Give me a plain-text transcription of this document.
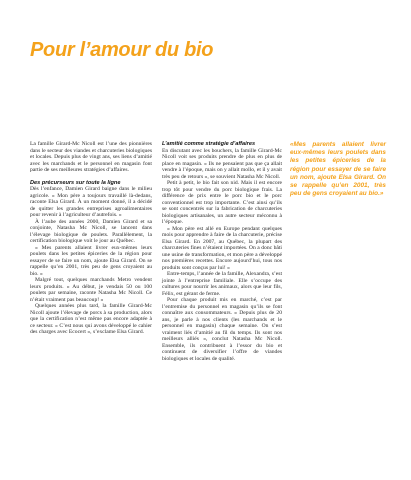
Pour l’amour du bio

La famille Girard-Mc Nicoll est l’une des pionnières dans le secteur des viandes et charcuteries biologiques et locales. Depuis plus de vingt ans, ses liens d’amitié avec les marchands et le personnel en magasin font partie de ses meilleures stratégies d’affaires.

Des précurseurs sur toute la ligne

Dès l’enfance, Damien Girard baigne dans le milieu agricole. « Mon père a toujours travaillé là-dedans, raconte Elsa Girard. À un moment donné, il a décidé de quitter les grandes entreprises agroalimentaires pour revenir à l’agriculteur d’autrefois. »

À l’aube des années 2000, Damien Girard et sa conjointe, Natasha Mc Nicoll, se lancent dans l’élevage biologique de poulets. Parallèlement, la certification biologique voit le jour au Québec.

« Mes parents allaient livrer eux-mêmes leurs poulets dans les petites épiceries de la région pour essayer de se faire un nom, ajoute Elsa Girard. On se rappelle qu’en 2001, très peu de gens croyaient au bio. »

Malgré tout, quelques marchands Metro vendent leurs produits. « Au début, je vendais 50 ou 100 poulets par semaine, raconte Natasha Mc Nicoll. Ce n’était vraiment pas beaucoup! »

Quelques années plus tard, la famille Girard-Mc Nicoll ajoute l’élevage de porcs à sa production, alors que la certification n’est même pas encore adaptée à ce secteur. « C’est nous qui avons développé le cahier des charges avec Ecocert », s’exclame Elsa Girard.

L’amitié comme stratégie d’affaires

En discutant avec les bouchers, la famille Girard-Mc Nicoll voit ses produits prendre de plus en plus de place en magasin. « Ils ne pensaient pas que ça allait vendre à l’époque, mais on y allait mollo, et il y avait très peu de retours », se souvient Natasha Mc Nicoll.

Petit à petit, le bio fait son nid. Mais il est encore trop tôt pour vendre du porc biologique frais. La différence de prix entre le porc bio et le porc conventionnel est trop importante. C’est ainsi qu’ils se sont concentrés sur la fabrication de charcuteries biologiques artisanales, un autre secteur méconnu à l’époque.

« Mon père est allé en Europe pendant quelques mois pour apprendre à faire de la charcuterie, précise Elsa Girard. En 2007, au Québec, la plupart des charcuteries fines n’étaient importées. On a donc bâti une usine de transformation, et mon père a développé nos premières recettes. Encore aujourd’hui, tous nos produits sont conçus par lui! »

Entre-temps, l’année de la famille, Alexandra, s’est jointe à l’entreprise familiale. Elle s’occupe des cultures pour nourrir les animaux, alors que leur fils, Félix, est gérant de ferme.

Pour chaque produit mis en marché, c’est par l’entremise du personnel en magasin qu’ils se font connaître aux consommateurs. « Depuis plus de 20 ans, je parle à nos clients (les marchands et le personnel en magasin) chaque semaine. On s’est vraiment liés d’amitié au fil du temps. Ils sont nos meilleurs alliés », conclut Natasha Mc Nicoll. Ensemble, ils contribuent à l’essor du bio et continuent de diversifier l’offre de viandes biologiques et locales de qualité.

«Mes parents allaient livrer eux-mêmes leurs poulets dans les petites épiceries de la région pour essayer de se faire un nom, ajoute Elsa Girard. On se rappelle qu’en 2001, très peu de gens croyaient au bio.»
